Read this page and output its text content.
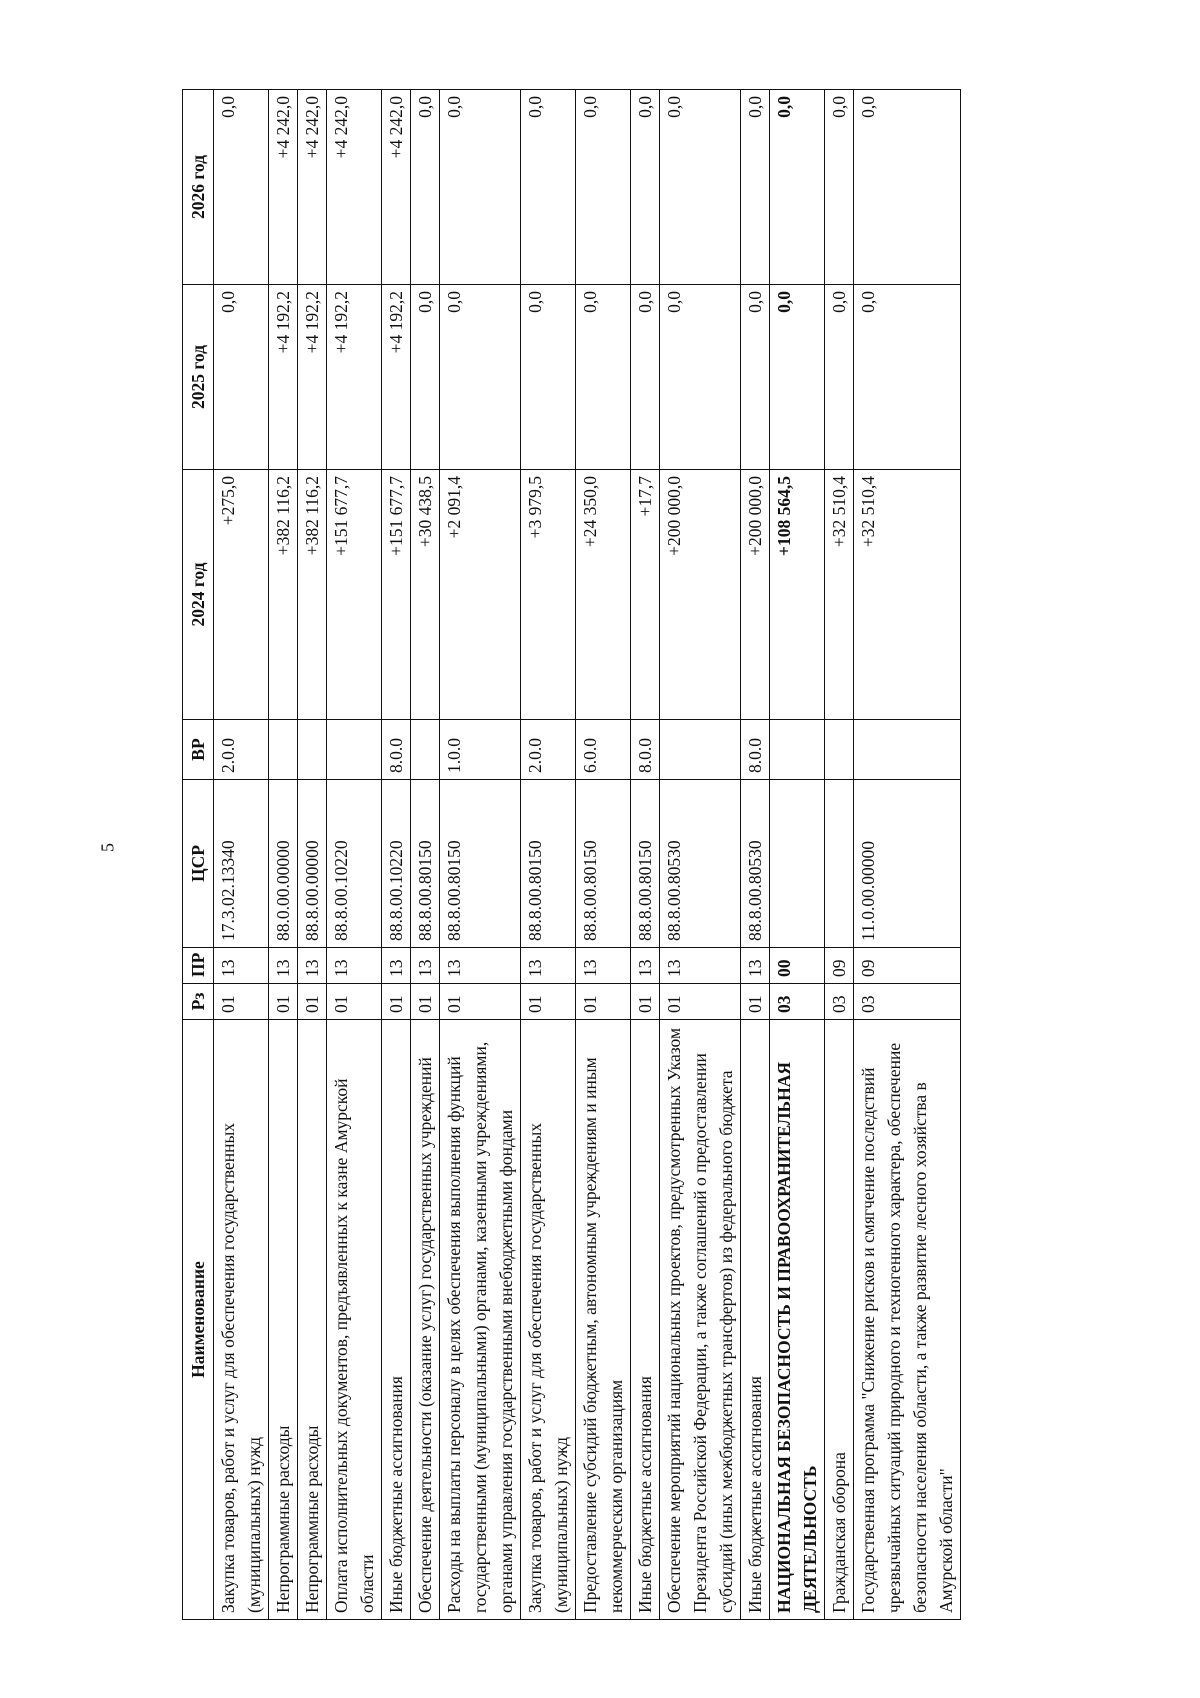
5
Наименование	Рз	ПР	ЦСР	ВР	2024 год	2025 год	2026 год
Закупка товаров, работ и услуг для обеспечения государственных (муниципальных) нужд	01	13	17.3.02.13340	2.0.0	+275,0	0,0	0,0
Непрограммные расходы	01	13	88.0.00.00000		+382 116,2	+4 192,2	+4 242,0
Непрограммные расходы	01	13	88.8.00.00000		+382 116,2	+4 192,2	+4 242,0
Оплата исполнительных документов, предъявленных к казне Амурской области	01	13	88.8.00.10220		+151 677,7	+4 192,2	+4 242,0
Иные бюджетные ассигнования	01	13	88.8.00.10220	8.0.0	+151 677,7	+4 192,2	+4 242,0
Обеспечение деятельности (оказание услуг) государственных учреждений	01	13	88.8.00.80150		+30 438,5	0,0	0,0
Расходы на выплаты персоналу в целях обеспечения выполнения функций государственными (муниципальными) органами, казенными учреждениями, органами управления государственными внебюджетными фондами	01	13	88.8.00.80150	1.0.0	+2 091,4	0,0	0,0
Закупка товаров, работ и услуг для обеспечения государственных (муниципальных) нужд	01	13	88.8.00.80150	2.0.0	+3 979,5	0,0	0,0
Предоставление субсидий бюджетным, автономным учреждениям и иным некоммерческим организациям	01	13	88.8.00.80150	6.0.0	+24 350,0	0,0	0,0
Иные бюджетные ассигнования	01	13	88.8.00.80150	8.0.0	+17,7	0,0	0,0
Обеспечение мероприятий национальных проектов, предусмотренных Указом Президента Российской Федерации, а также соглашений о предоставлении субсидий (иных межбюджетных трансфертов) из федерального бюджета	01	13	88.8.00.80530		+200 000,0	0,0	0,0
Иные бюджетные ассигнования	01	13	88.8.00.80530	8.0.0	+200 000,0	0,0	0,0
НАЦИОНАЛЬНАЯ БЕЗОПАСНОСТЬ И ПРАВООХРАНИТЕЛЬНАЯ ДЕЯТЕЛЬНОСТЬ	03	00			+108 564,5	0,0	0,0
Гражданская оборона	03	09			+32 510,4	0,0	0,0
Государственная программа "Снижение рисков и смягчение последствий чрезвычайных ситуаций природного и техногенного характера, обеспечение безопасности населения области, а также развитие лесного хозяйства в Амурской области"	03	09	11.0.00.00000		+32 510,4	0,0	0,0
